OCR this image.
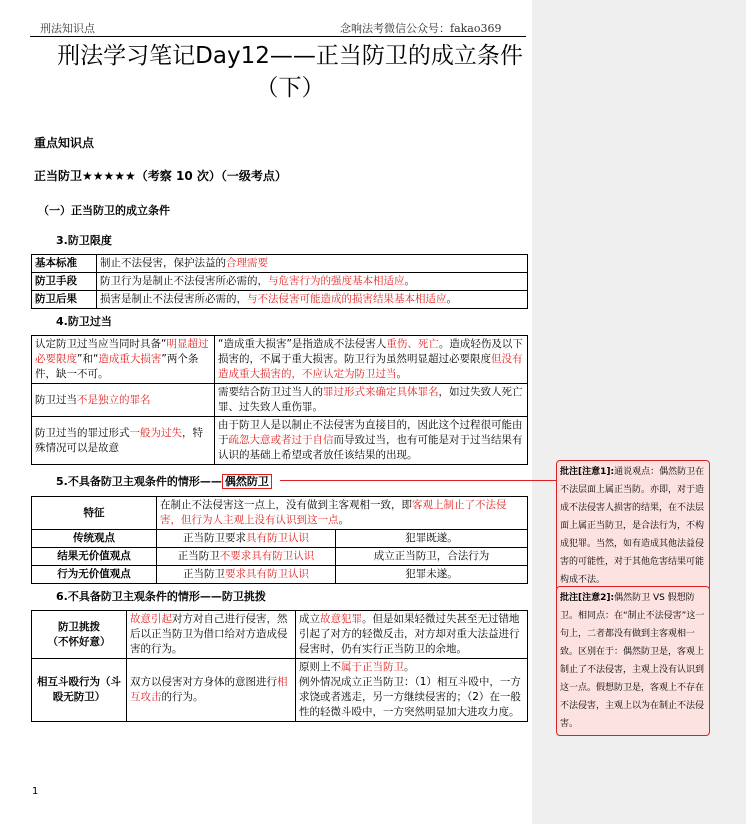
刑法知识点	念响法考微信公众号：fakao369
刑法学习笔记Day12——正当防卫的成立条件
（下）
重点知识点
正当防卫★★★★★（考察 10 次）（一级考点）
（一）正当防卫的成立条件
3.防卫限度
基本标准	制止不法侵害，保护法益的合理需要
防卫手段	防卫行为是制止不法侵害所必需的，与危害行为的强度基本相适应。
防卫后果	损害是制止不法侵害所必需的，与不法侵害可能造成的损害结果基本相适应。
4.防卫过当
认定防卫过当应当同时具备“明显超过必要限度”和“造成重大损害”两个条件，缺一不可。	“造成重大损害”是指造成不法侵害人重伤、死亡。造成轻伤及以下损害的，不属于重大损害。防卫行为虽然明显超过必要限度但没有造成重大损害的，不应认定为防卫过当。
防卫过当不是独立的罪名	需要结合防卫过当人的罪过形式来确定具体罪名，如过失致人死亡罪、过失致人重伤罪。
防卫过当的罪过形式一般为过失，特殊情况可以是故意	由于防卫人是以制止不法侵害为直接目的，因此这个过程很可能由于疏忽大意或者过于自信而导致过当，也有可能是对于过当结果有认识的基础上希望或者放任该结果的出现。
5.不具备防卫主观条件的情形—— 偶然防卫
特征	在制止不法侵害这一点上，没有做到主客观相一致，即客观上制止了不法侵害，但行为人主观上没有认识到这一点。	
传统观点	正当防卫要求具有防卫认识	犯罪既遂。
结果无价值观点	正当防卫不要求具有防卫认识	成立正当防卫，合法行为
行为无价值观点	正当防卫要求具有防卫认识	犯罪未遂。
6.不具备防卫主观条件的情形——防卫挑拨
防卫挑拨
（不怀好意）	故意引起对方对自己进行侵害，然后以正当防卫为借口给对方造成侵害的行为。	成立故意犯罪。但是如果轻微过失甚至无过错地引起了对方的轻微反击，对方却对重大法益进行侵害时，仍有实行正当防卫的余地。
相互斗殴行为（斗殴无防卫）	双方以侵害对方身体的意图进行相互攻击的行为。	原则上不属于正当防卫。
例外情况成立正当防卫：（1）相互斗殴中，一方求饶或者逃走，另一方继续侵害的；（2）在一般性的轻微斗殴中，一方突然明显加大进攻力度。
批注[注意1]:通说观点：偶然防卫在不法层面上属正当防。亦即，对于造成不法侵害人损害的结果，在不法层面上属正当防卫，是合法行为，不构成犯罪。当然，如有造成其他法益侵害的可能性，对于其他危害结果可能构成不法。
批注[注意2]:偶然防卫 VS 假想防卫。相同点：在“制止不法侵害”这一句上，二者都没有做到主客观相一致。区别在于：偶然防卫是，客观上制止了不法侵害，主观上没有认识到这一点。假想防卫是，客观上不存在不法侵害，主观上以为在制止不法侵害。
1
